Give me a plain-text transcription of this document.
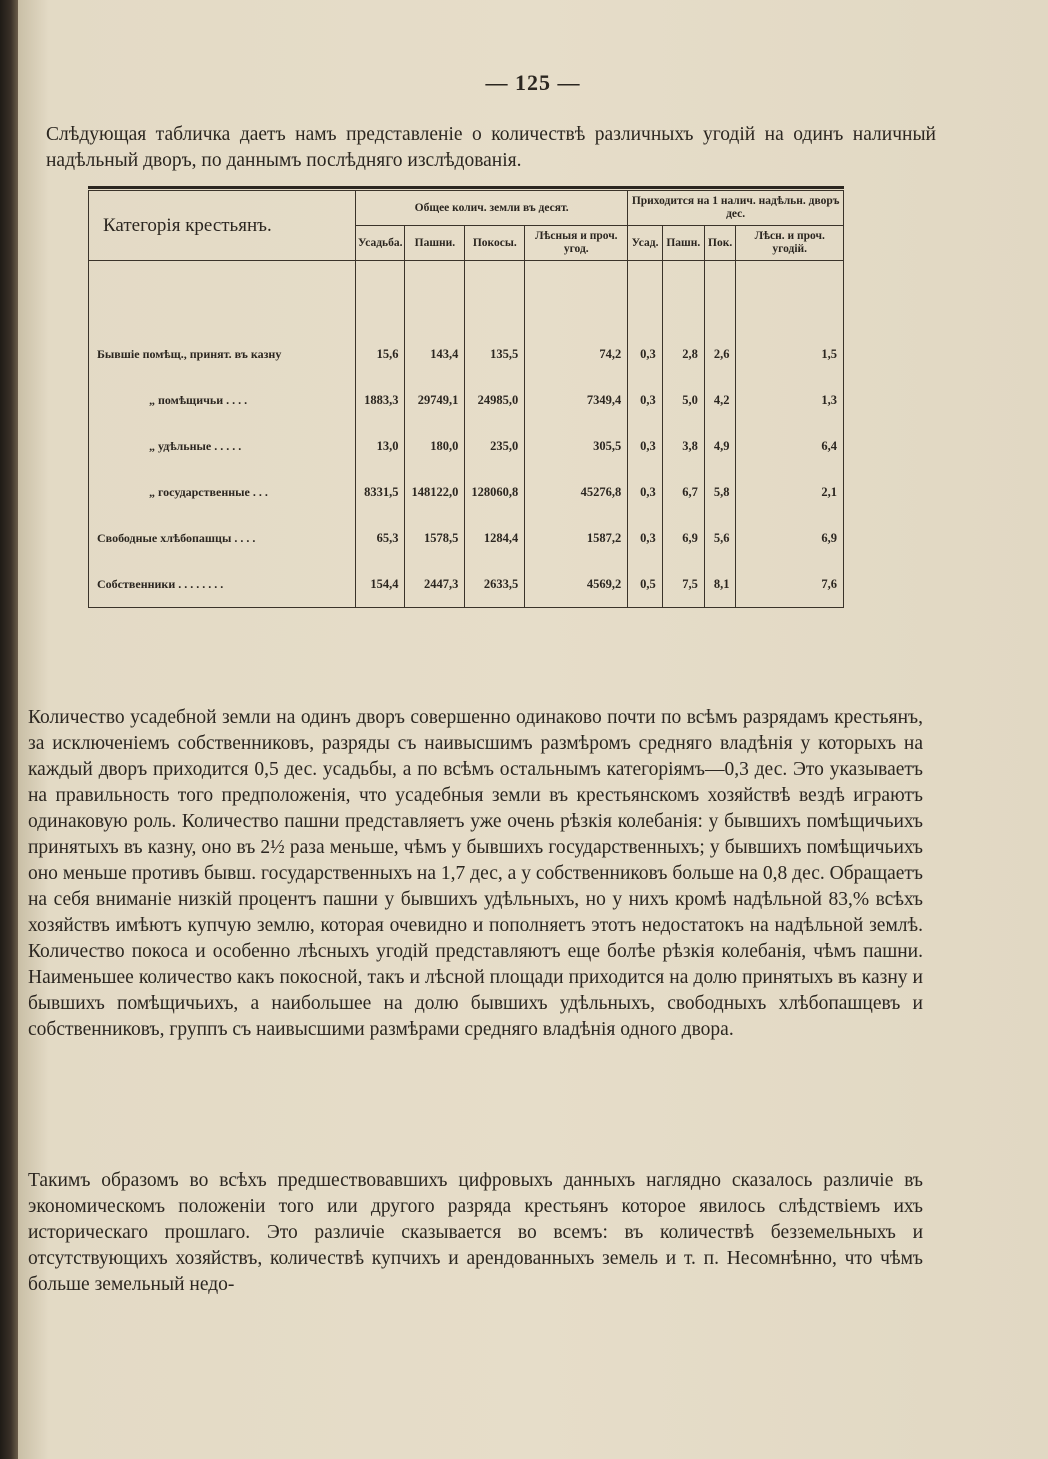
— 125 —
Слѣдующая табличка даетъ намъ представленіе о количествѣ различныхъ угодій на одинъ наличный надѣльный дворъ, по даннымъ послѣдняго изслѣдованія.
Категорія крестьянъ.	Общее колич. земли въ десят.				Приходится на 1 налич. надѣльн. дворъ дес.			
	Усадьба.	Пашни.	Покосы.	Лѣсныя и проч. угод.	Усад.	Пашн.	Пок.	Лѣсн. и проч. угодій.

Бывшіе помѣщ., принят. въ казну	15,6	143,4	135,5	74,2	0,3	2,8	2,6	1,5
„ помѣщичьи . . . .	1883,3	29749,1	24985,0	7349,4	0,3	5,0	4,2	1,3
„ удѣльные . . . . .	13,0	180,0	235,0	305,5	0,3	3,8	4,9	6,4
„ государственные . . .	8331,5	148122,0	128060,8	45276,8	0,3	6,7	5,8	2,1
Свободные хлѣбопашцы . . . .	65,3	1578,5	1284,4	1587,2	0,3	6,9	5,6	6,9
Собственники . . . . . . . .	154,4	2447,3	2633,5	4569,2	0,5	7,5	8,1	7,6
Количество усадебной земли на одинъ дворъ совершенно одинаково почти по всѣмъ разрядамъ крестьянъ, за исключеніемъ собственниковъ, разряды съ наивысшимъ размѣромъ средняго владѣнія у которыхъ на каждый дворъ приходится 0,5 дес. усадьбы, а по всѣмъ остальнымъ категоріямъ—0,3 дес. Это указываетъ на правильность того предположенія, что усадебныя земли въ крестьянскомъ хозяйствѣ вездѣ играютъ одинаковую роль. Количество пашни представляетъ уже очень рѣзкія колебанія: у бывшихъ помѣщичьихъ принятыхъ въ казну, оно въ 2½ раза меньше, чѣмъ у бывшихъ государственныхъ; у бывшихъ помѣщичьихъ оно меньше противъ бывш. государственныхъ на 1,7 дес, а у собственниковъ больше на 0,8 дес. Обращаетъ на себя вниманіе низкій процентъ пашни у бывшихъ удѣльныхъ, но у нихъ кромѣ надѣльной 83,% всѣхъ хозяйствъ имѣютъ купчую землю, которая очевидно и пополняетъ этотъ недостатокъ на надѣльной землѣ. Количество покоса и особенно лѣсныхъ угодій представляютъ еще болѣе рѣзкія колебанія, чѣмъ пашни. Наименьшее количество какъ покосной, такъ и лѣсной площади приходится на долю принятыхъ въ казну и бывшихъ помѣщичьихъ, а наибольшее на долю бывшихъ удѣльныхъ, свободныхъ хлѣбопашцевъ и собственниковъ, группъ съ наивысшими размѣрами средняго владѣнія одного двора.
Такимъ образомъ во всѣхъ предшествовавшихъ цифровыхъ данныхъ наглядно сказалось различіе въ экономическомъ положеніи того или другого разряда крестьянъ которое явилось слѣдствіемъ ихъ историческаго прошлаго. Это различіе сказывается во всемъ: въ количествѣ безземельныхъ и отсутствующихъ хозяйствъ, количествѣ купчихъ и арендованныхъ земель и т. п. Несомнѣнно, что чѣмъ больше земельный недо-
